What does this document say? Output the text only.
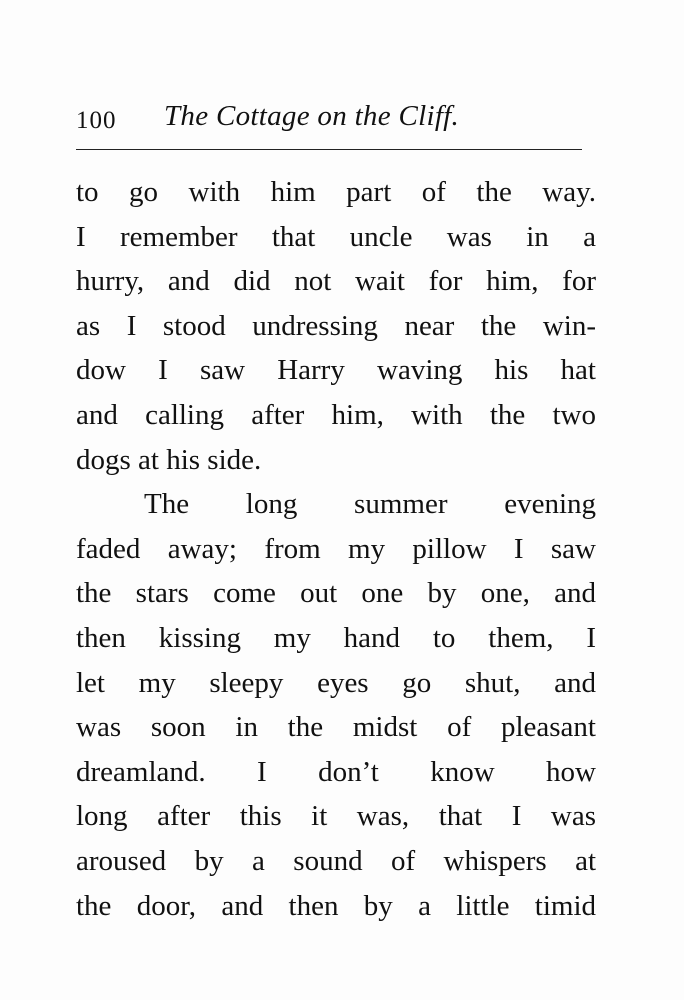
100 The Cottage on the Cliff.
to go with him part of the way.
I remember that uncle was in a
hurry, and did not wait for him, for
as I stood undressing near the win-
dow I saw Harry waving his hat
and calling after him, with the two
dogs at his side.
The long summer evening
faded away; from my pillow I saw
the stars come out one by one, and
then kissing my hand to them, I
let my sleepy eyes go shut, and
was soon in the midst of pleasant
dreamland. I don’t know how
long after this it was, that I was
aroused by a sound of whispers at
the door, and then by a little timid
